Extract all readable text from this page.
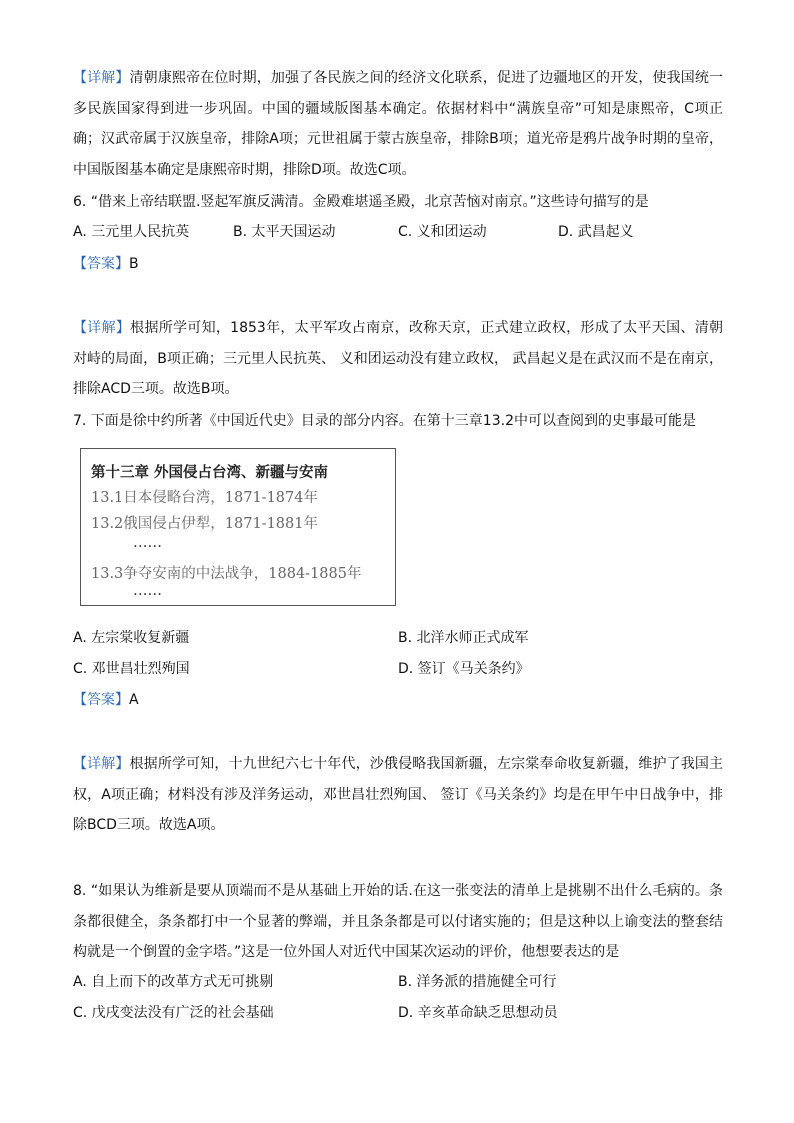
【详解】清朝康熙帝在位时期，加强了各民族之间的经济文化联系，促进了边疆地区的开发，使我国统一多民族国家得到进一步巩固。中国的疆域版图基本确定。依据材料中“满族皇帝”可知是康熙帝，C项正确；汉武帝属于汉族皇帝，排除A项；元世祖属于蒙古族皇帝，排除B项；道光帝是鸦片战争时期的皇帝，中国版图基本确定是康熙帝时期，排除D项。故选C项。
6. “借来上帝结联盟.竖起军旗反满清。金殿难堪遥圣殿，北京苦恼对南京。”这些诗句描写的是
A. 三元里人民抗英	B. 太平天国运动	C. 义和团运动	D. 武昌起义
【答案】B
【详解】根据所学可知，1853年，太平军攻占南京，改称天京，正式建立政权，形成了太平天国、清朝对峙的局面，B项正确；三元里人民抗英、 义和团运动没有建立政权， 武昌起义是在武汉而不是在南京，排除ACD三项。故选B项。
7. 下面是徐中约所著《中国近代史》目录的部分内容。在第十三章13.2中可以查阅到的史事最可能是
第十三章 外国侵占台湾、新疆与安南
13.1日本侵略台湾，1871-1874年
13.2俄国侵占伊犁，1871-1881年
……
13.3争夺安南的中法战争，1884-1885年
……
A. 左宗棠收复新疆	B. 北洋水师正式成军
C. 邓世昌壮烈殉国	D. 签订《马关条约》
【答案】A
【详解】根据所学可知，十九世纪六七十年代，沙俄侵略我国新疆，左宗棠奉命收复新疆，维护了我国主权，A项正确；材料没有涉及洋务运动，邓世昌壮烈殉国、 签订《马关条约》均是在甲午中日战争中，排除BCD三项。故选A项。
8. “如果认为维新是要从顶端而不是从基础上开始的话.在这一张变法的清单上是挑剔不出什么毛病的。条条都很健全，条条都打中一个显著的弊端，并且条条都是可以付诸实施的；但是这种以上谕变法的整套结构就是一个倒置的金字塔。”这是一位外国人对近代中国某次运动的评价，他想要表达的是
A. 自上而下的改革方式无可挑剔	B. 洋务派的措施健全可行
C. 戊戌变法没有广泛的社会基础	D. 辛亥革命缺乏思想动员
